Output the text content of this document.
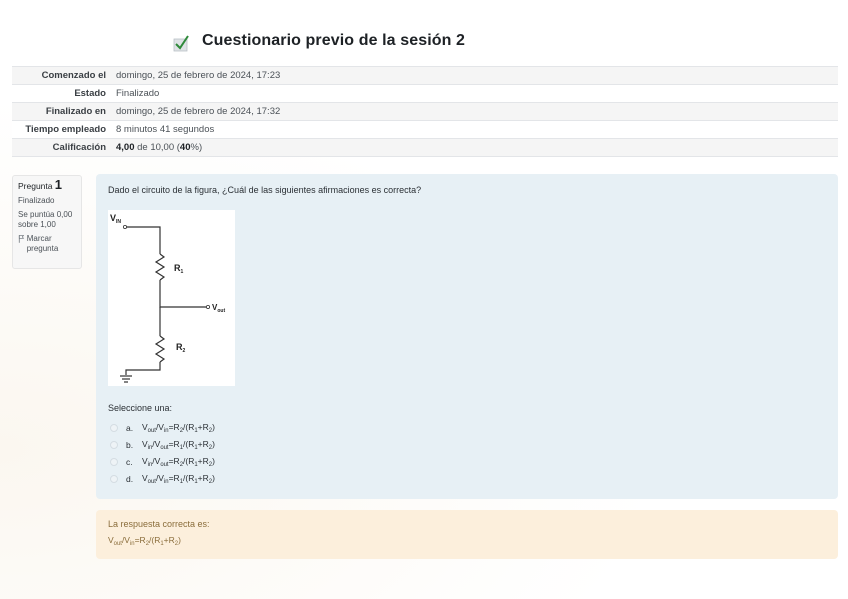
Cuestionario previo de la sesión 2
Comenzado el	domingo, 25 de febrero de 2024, 17:23
Estado	Finalizado
Finalizado en	domingo, 25 de febrero de 2024, 17:32
Tiempo empleado	8 minutos 41 segundos
Calificación	4,00 de 10,00 (40%)
Pregunta 1
Finalizado
Se puntúa 0,00 sobre 1,00
Marcar pregunta
Dado el circuito de la figura, ¿Cuál de las siguientes afirmaciones es correcta?
$V_{IN}$
$R_1$
$V_{out}$
$R_2$
Seleccione una:
a.	$V_{out}/V_{in}=R_2/(R_1+R_2)$
b.	$V_{in}/V_{out}=R_1/(R_1+R_2)$
c.	$V_{in}/V_{out}=R_2/(R_1+R_2)$
d.	$V_{out}/V_{in}=R_1/(R_1+R_2)$
La respuesta correcta es:
$V_{out}/V_{in}=R_2/(R_1+R_2)$
